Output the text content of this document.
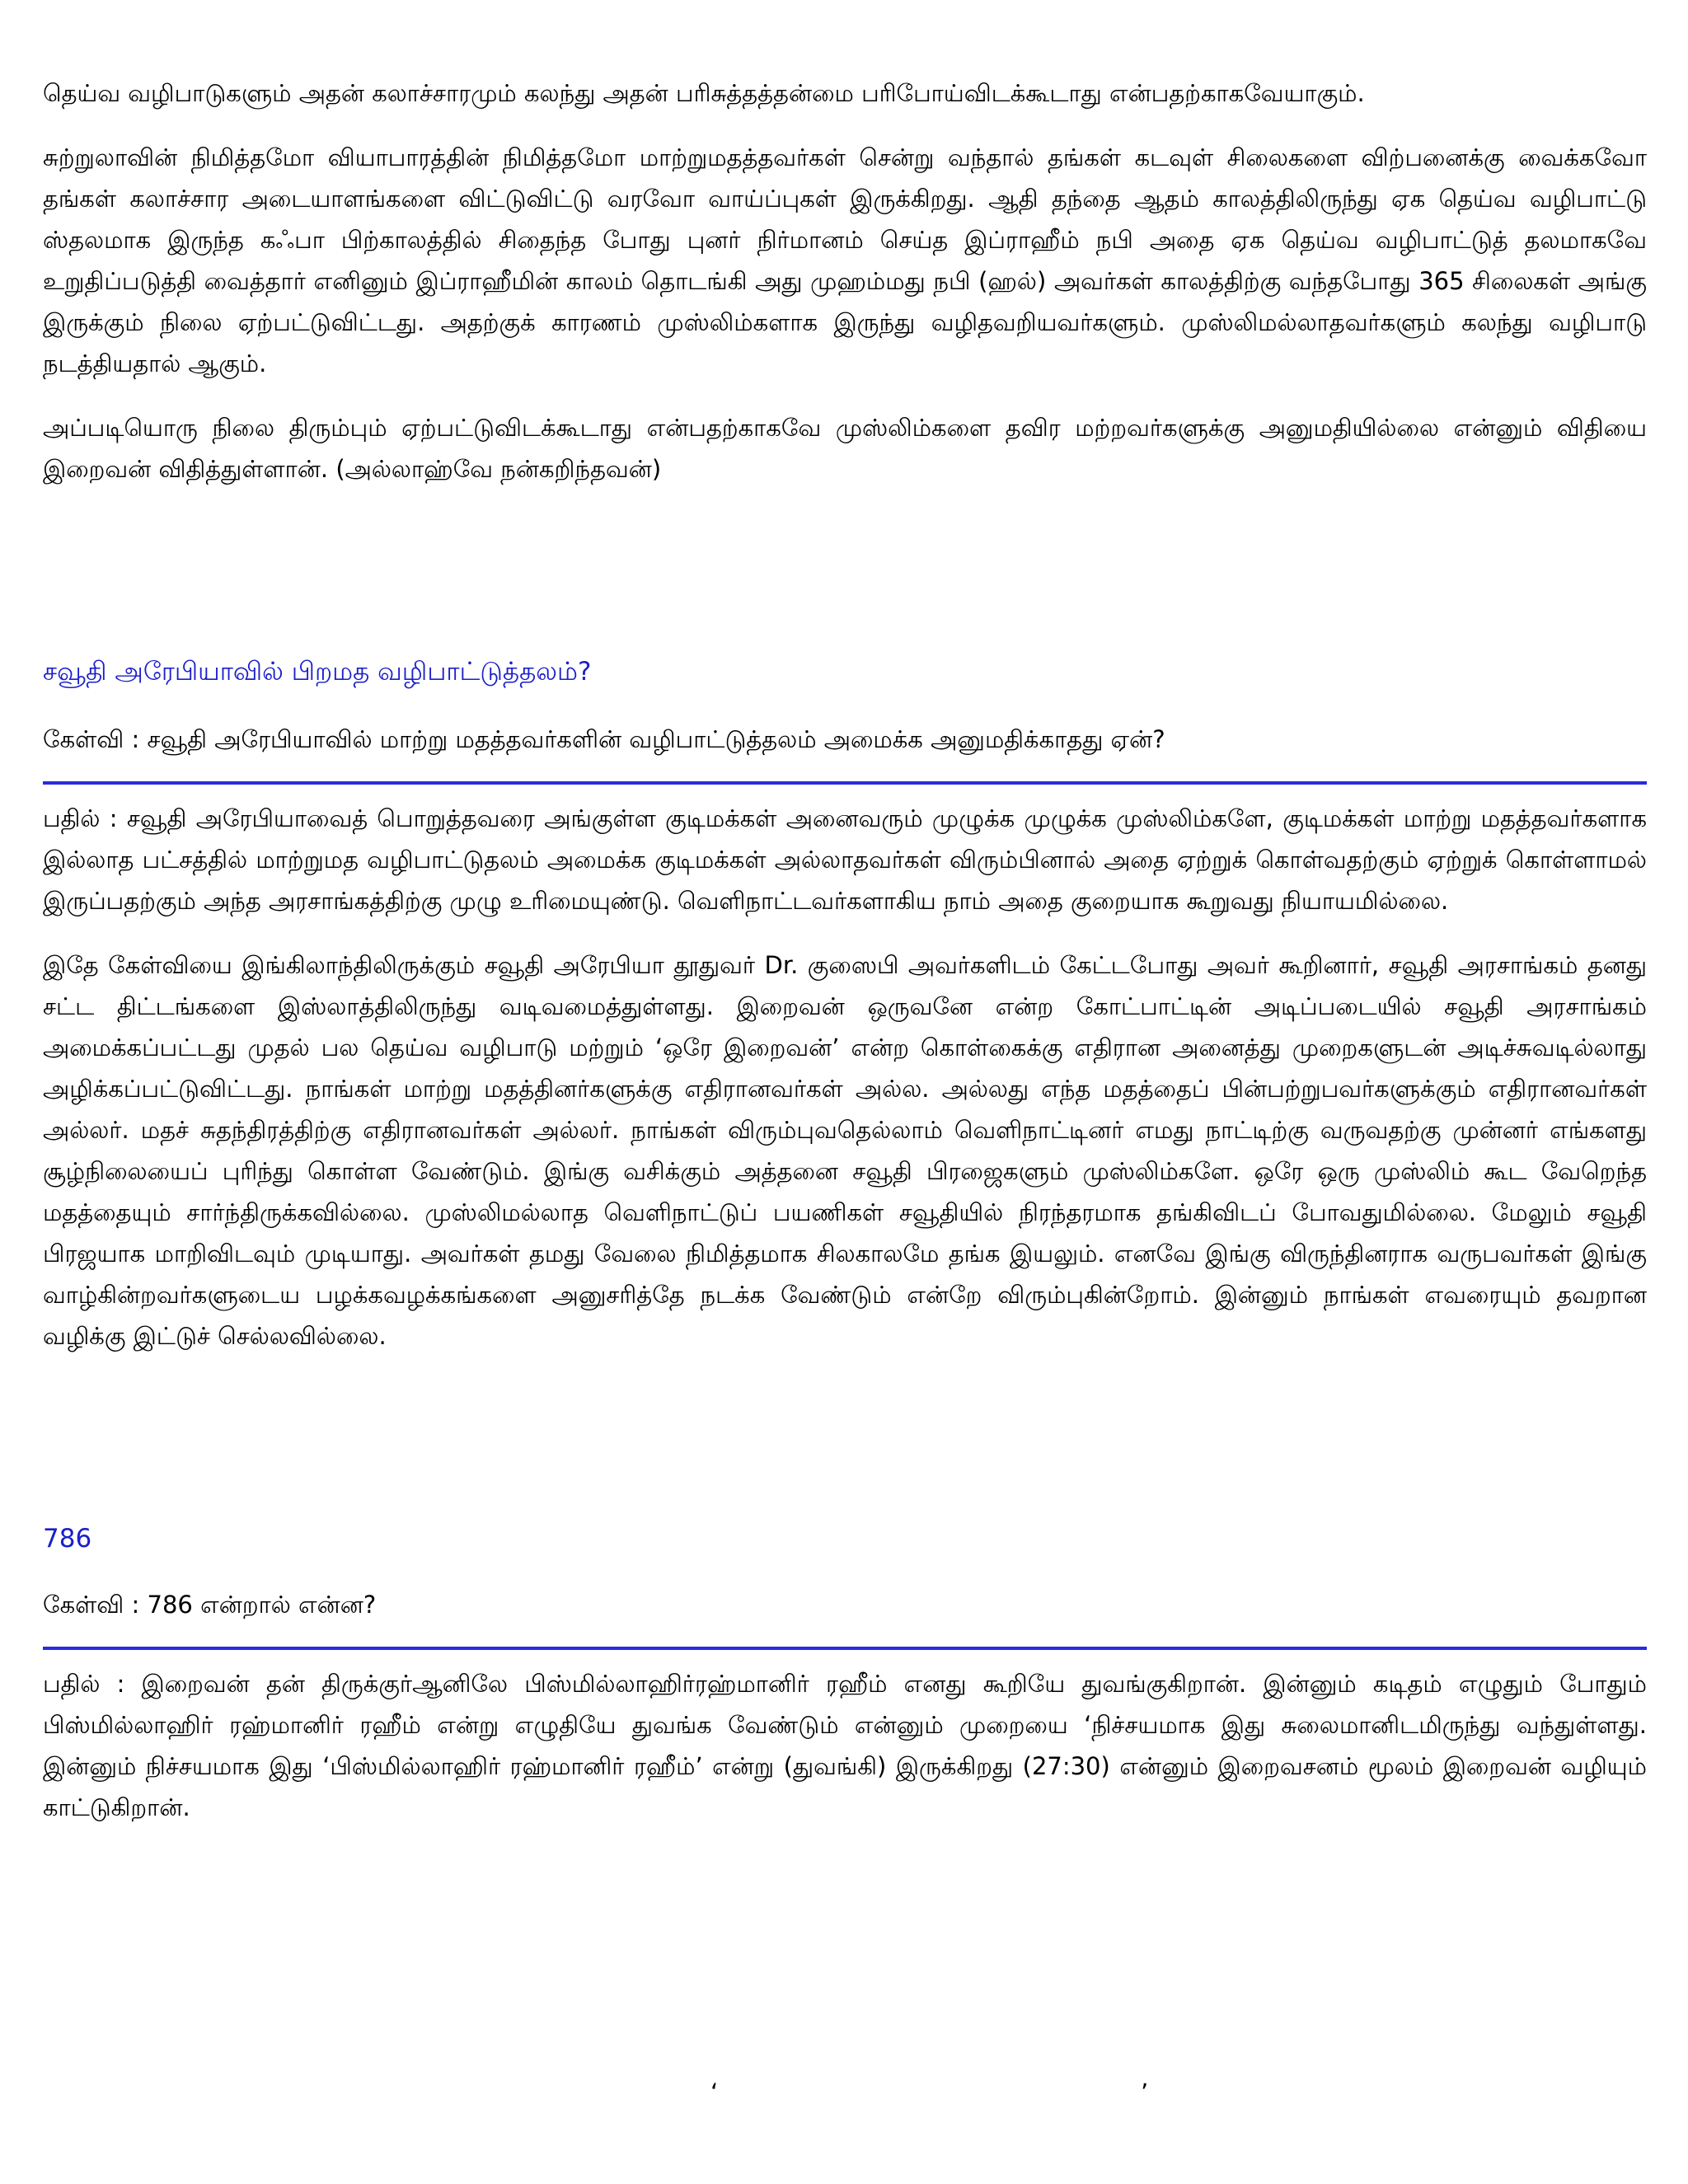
தெய்வ வழிபாடுகளும் அதன் கலாச்சாரமும் கலந்து அதன் பரிசுத்தத்தன்மை பரிபோய்விடக்கூடாது என்பதற்காகவேயாகும்.

சுற்றுலாவின் நிமித்தமோ வியாபாரத்தின் நிமித்தமோ மாற்றுமதத்தவர்கள் சென்று வந்தால் தங்கள் கடவுள் சிலைகளை விற்பனைக்கு வைக்கவோ தங்கள் கலாச்சார அடையாளங்களை விட்டுவிட்டு வரவோ வாய்ப்புகள் இருக்கிறது. ஆதி தந்தை ஆதம் காலத்திலிருந்து ஏக தெய்வ வழிபாட்டு ஸ்தலமாக இருந்த கஃபா பிற்காலத்தில் சிதைந்த போது புனர் நிர்மானம் செய்த இப்ராஹீம் நபி அதை ஏக தெய்வ வழிபாட்டுத் தலமாகவே உறுதிப்படுத்தி வைத்தார் எனினும் இப்ராஹீமின் காலம் தொடங்கி அது முஹம்மது நபி (ஹல்) அவர்கள் காலத்திற்கு வந்தபோது 365 சிலைகள் அங்கு இருக்கும் நிலை ஏற்பட்டுவிட்டது. அதற்குக் காரணம் முஸ்லிம்களாக இருந்து வழிதவறியவர்களும். முஸ்லிமல்லாதவர்களும் கலந்து வழிபாடு நடத்தியதால் ஆகும்.

அப்படியொரு நிலை திரும்பும் ஏற்பட்டுவிடக்கூடாது என்பதற்காகவே முஸ்லிம்களை தவிர மற்றவர்களுக்கு அனுமதியில்லை என்னும் விதியை இறைவன் விதித்துள்ளான். (அல்லாஹ்வே நன்கறிந்தவன்)

சவூதி அரேபியாவில் பிறமத வழிபாட்டுத்தலம்?

கேள்வி : சவூதி அரேபியாவில் மாற்று மதத்தவர்களின் வழிபாட்டுத்தலம் அமைக்க அனுமதிக்காதது ஏன்?

பதில் : சவூதி அரேபியாவைத் பொறுத்தவரை அங்குள்ள குடிமக்கள் அனைவரும் முழுக்க முழுக்க முஸ்லிம்களே, குடிமக்கள் மாற்று மதத்தவர்களாக இல்லாத பட்சத்தில் மாற்றுமத வழிபாட்டுதலம் அமைக்க குடிமக்கள் அல்லாதவர்கள் விரும்பினால் அதை ஏற்றுக் கொள்வதற்கும் ஏற்றுக் கொள்ளாமல் இருப்பதற்கும் அந்த அரசாங்கத்திற்கு முழு உரிமையுண்டு. வெளிநாட்டவர்களாகிய நாம் அதை குறையாக கூறுவது நியாயமில்லை.

இதே கேள்வியை இங்கிலாந்திலிருக்கும் சவூதி அரேபியா தூதுவர் Dr. குஸைபி அவர்களிடம் கேட்டபோது அவர் கூறினார், சவூதி அரசாங்கம் தனது சட்ட திட்டங்களை இஸ்லாத்திலிருந்து வடிவமைத்துள்ளது. இறைவன் ஒருவனே என்ற கோட்பாட்டின் அடிப்படையில் சவூதி அரசாங்கம் அமைக்கப்பட்டது முதல் பல தெய்வ வழிபாடு மற்றும் ‘ஒரே இறைவன்’ என்ற கொள்கைக்கு எதிரான அனைத்து முறைகளுடன் அடிச்சுவடில்லாது அழிக்கப்பட்டுவிட்டது. நாங்கள் மாற்று மதத்தினர்களுக்கு எதிரானவர்கள் அல்ல. அல்லது எந்த மதத்தைப் பின்பற்றுபவர்களுக்கும் எதிரானவர்கள் அல்லர். மதச் சுதந்திரத்திற்கு எதிரானவர்கள் அல்லர். நாங்கள் விரும்புவதெல்லாம் வெளிநாட்டினர் எமது நாட்டிற்கு வருவதற்கு முன்னர் எங்களது சூழ்நிலையைப் புரிந்து கொள்ள வேண்டும். இங்கு வசிக்கும் அத்தனை சவூதி பிரஜைகளும் முஸ்லிம்களே. ஒரே ஒரு முஸ்லிம் கூட வேறெந்த மதத்தையும் சார்ந்திருக்கவில்லை. முஸ்லிமல்லாத வெளிநாட்டுப் பயணிகள் சவூதியில் நிரந்தரமாக தங்கிவிடப் போவதுமில்லை. மேலும் சவூதி பிரஜயாக மாறிவிடவும் முடியாது. அவர்கள் தமது வேலை நிமித்தமாக சிலகாலமே தங்க இயலும். எனவே இங்கு விருந்தினராக வருபவர்கள் இங்கு வாழ்கின்றவர்களுடைய பழக்கவழக்கங்களை அனுசரித்தே நடக்க வேண்டும் என்றே விரும்புகின்றோம். இன்னும் நாங்கள் எவரையும் தவறான வழிக்கு இட்டுச் செல்லவில்லை.

786

கேள்வி : 786 என்றால் என்ன?

பதில் : இறைவன் தன் திருக்குர்ஆனிலே பிஸ்மில்லாஹிர்ரஹ்மானிர் ரஹீம் எனது கூறியே துவங்குகிறான். இன்னும் கடிதம் எழுதும் போதும் பிஸ்மில்லாஹிர் ரஹ்மானிர் ரஹீம் என்று எழுதியே துவங்க வேண்டும் என்னும் முறையை ‘நிச்சயமாக இது சுலைமானிடமிருந்து வந்துள்ளது. இன்னும் நிச்சயமாக இது ‘பிஸ்மில்லாஹிர் ரஹ்மானிர் ரஹீம்’ என்று (துவங்கி) இருக்கிறது (27:30) என்னும் இறைவசனம் மூலம் இறைவன் வழியும் காட்டுகிறான்.

‘	’
